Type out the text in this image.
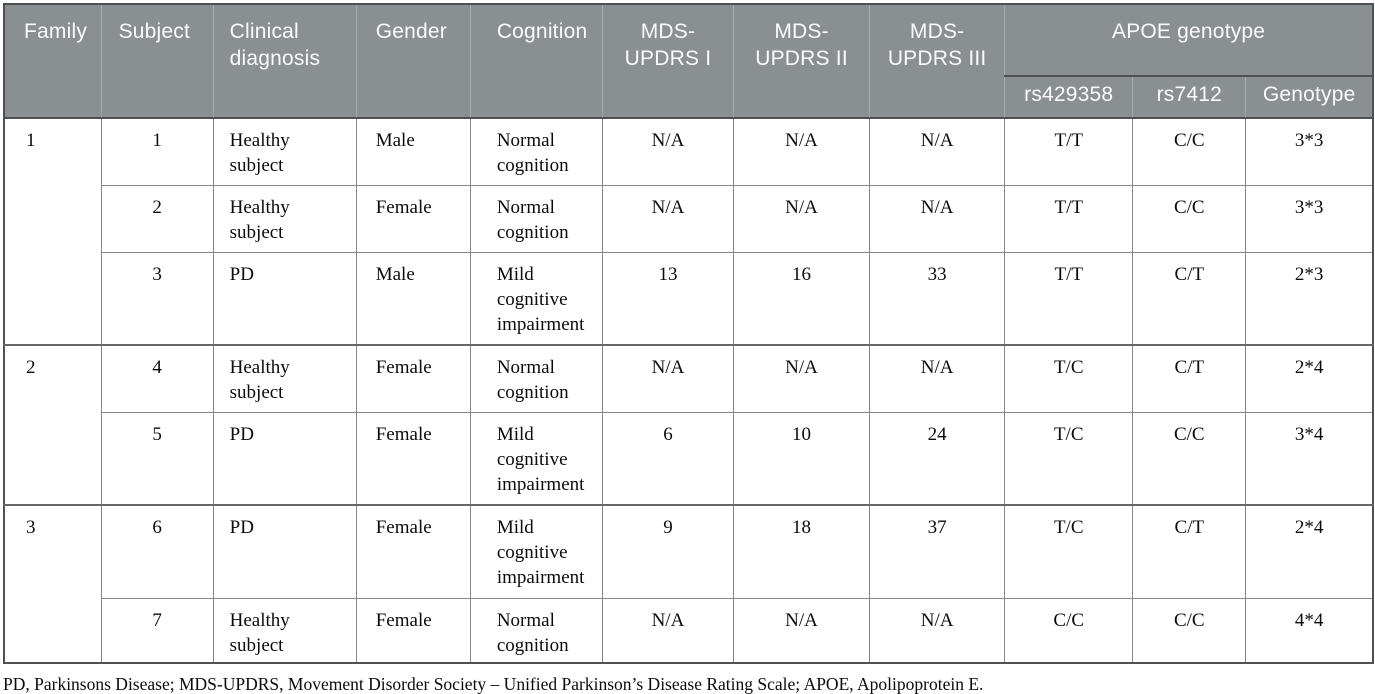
Family	Subject	Clinical diagnosis	Gender	Cognition	MDS-UPDRS I	MDS-UPDRS II	MDS-UPDRS III	APOE genotype		
								rs429358	rs7412	Genotype
1	1	Healthy subject	Male	Normal cognition	N/A	N/A	N/A	T/T	C/C	3*3
	2	Healthy subject	Female	Normal cognition	N/A	N/A	N/A	T/T	C/C	3*3
	3	PD	Male	Mild cognitive impairment	13	16	33	T/T	C/T	2*3
2	4	Healthy subject	Female	Normal cognition	N/A	N/A	N/A	T/C	C/T	2*4
	5	PD	Female	Mild cognitive impairment	6	10	24	T/C	C/C	3*4
3	6	PD	Female	Mild cognitive impairment	9	18	37	T/C	C/T	2*4
	7	Healthy subject	Female	Normal cognition	N/A	N/A	N/A	C/C	C/C	4*4
PD, Parkinsons Disease; MDS-UPDRS, Movement Disorder Society – Unified Parkinson’s Disease Rating Scale; APOE, Apolipoprotein E.
